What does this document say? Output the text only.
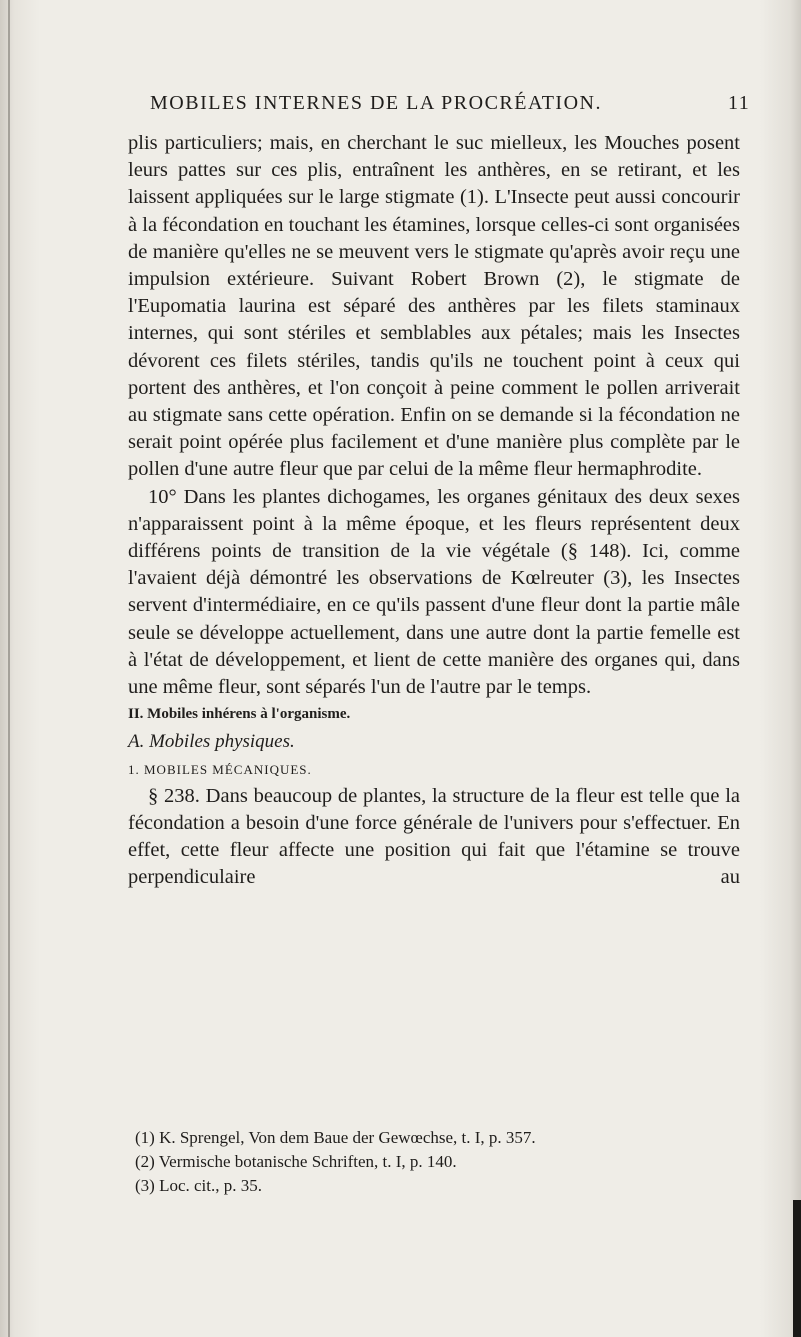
MOBILES INTERNES DE LA PROCRÉATION.	11

plis particuliers; mais, en cherchant le suc mielleux, les Mouches posent leurs pattes sur ces plis, entraînent les anthères, en se retirant, et les laissent appliquées sur le large stigmate (1). L'Insecte peut aussi concourir à la fécondation en touchant les étamines, lorsque celles-ci sont organisées de manière qu'elles ne se meuvent vers le stigmate qu'après avoir reçu une impulsion extérieure. Suivant Robert Brown (2), le stigmate de l'Eupomatia laurina est séparé des anthères par les filets staminaux internes, qui sont stériles et semblables aux pétales; mais les Insectes dévorent ces filets stériles, tandis qu'ils ne touchent point à ceux qui portent des anthères, et l'on conçoit à peine comment le pollen arriverait au stigmate sans cette opération. Enfin on se demande si la fécondation ne serait point opérée plus facilement et d'une manière plus complète par le pollen d'une autre fleur que par celui de la même fleur hermaphrodite.

10° Dans les plantes dichogames, les organes génitaux des deux sexes n'apparaissent point à la même époque, et les fleurs représentent deux différens points de transition de la vie végétale (§ 148). Ici, comme l'avaient déjà démontré les observations de Kœlreuter (3), les Insectes servent d'intermédiaire, en ce qu'ils passent d'une fleur dont la partie mâle seule se développe actuellement, dans une autre dont la partie femelle est à l'état de développement, et lient de cette manière des organes qui, dans une même fleur, sont séparés l'un de l'autre par le temps.

II. Mobiles inhérens à l'organisme.

A. Mobiles physiques.

1. MOBILES MÉCANIQUES.

§ 238. Dans beaucoup de plantes, la structure de la fleur est telle que la fécondation a besoin d'une force générale de l'univers pour s'effectuer. En effet, cette fleur affecte une position qui fait que l'étamine se trouve perpendiculaire au

(1) K. Sprengel, Von dem Baue der Gewœchse, t. I, p. 357.
(2) Vermische botanische Schriften, t. I, p. 140.
(3) Loc. cit., p. 35.
